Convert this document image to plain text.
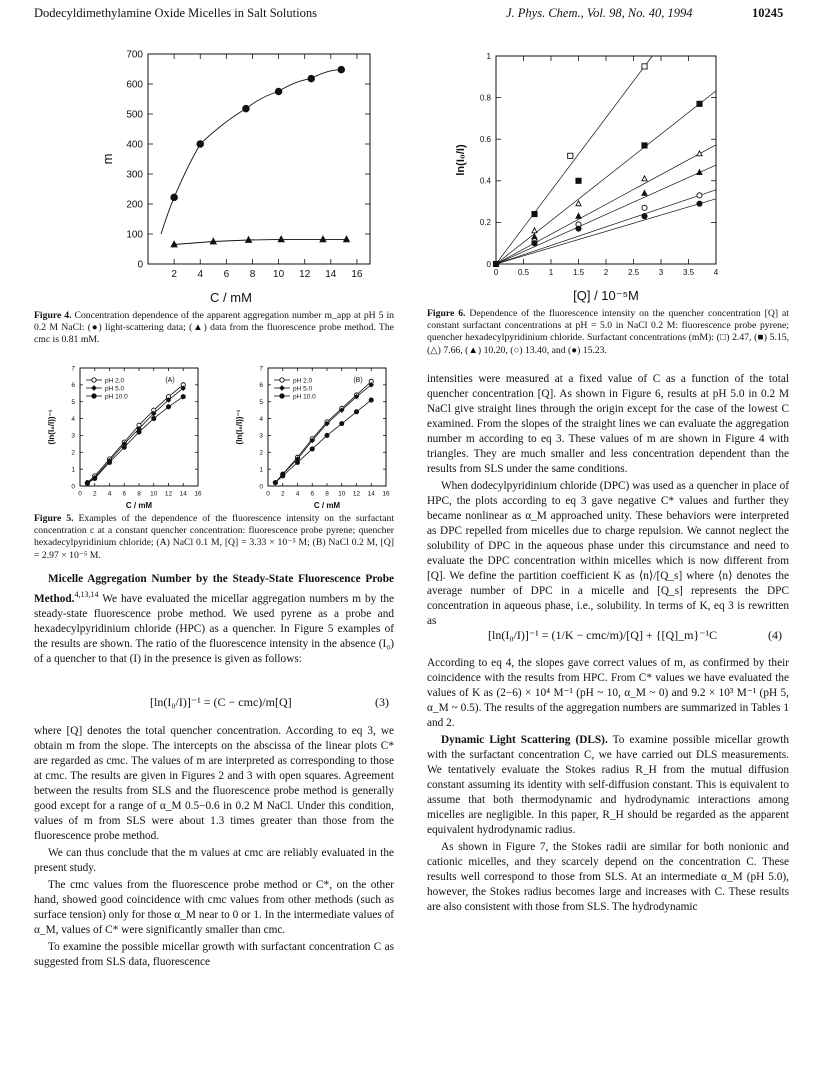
Dodecyldimethylamine Oxide Micelles in Salt Solutions	J. Phys. Chem., Vol. 98, No. 40, 1994	10245
2 4 6 8 10 12 14 16
0
100
200
300
400
500
600
700
m
C / mM
Figure 4. Concentration dependence of the apparent aggregation number m_app at pH 5 in 0.2 M NaCl: (●) light-scattering data; (▲) data from the fluorescence probe method. The cmc is 0.81 mM.
0 2 4 6 8 10 12 14 16
0
1
2
3
4
5
6
7
(ln(I₀/I))⁻¹
C / mM
(A)
pH 2.0
pH 5.0
pH 10.0
0 2 4 6 8 10 12 14 16
0
1
2
3
4
5
6
7
(ln(I₀/I))⁻¹
C / mM
(B)
pH 2.0
pH 5.0
pH 10.0
Figure 5. Examples of the dependence of the fluorescence intensity on the surfactant concentration c at a constant quencher concentration: fluorescence probe pyrene; quencher hexadecylpyridinium chloride; (A) NaCl 0.1 M, [Q] = 3.33 × 10⁻⁵ M; (B) NaCl 0.2 M, [Q] = 2.97 × 10⁻⁵ M.
0 0.5 1 1.5 2 2.5 3 3.5 4
0
0.2
0.4
0.6
0.8
1
ln(I₀/I)
[Q] / 10⁻⁵M
Figure 6. Dependence of the fluorescence intensity on the quencher concentration [Q] at constant surfactant concentrations at pH = 5.0 in NaCl 0.2 M: fluorescence probe pyrene; quencher hexadecylpyridinium chloride. Surfactant concentrations (mM): (□) 2.47, (■) 5.15, (△) 7.66, (▲) 10.20, (○) 13.40, and (●) 15.23.

Micelle Aggregation Number by the Steady-State Fluorescence Probe Method.$^{4,13,14}$ We have evaluated the micellar aggregation numbers m by the steady-state fluorescence probe method. We used pyrene as a probe and hexadecylpyridinium chloride (HPC) as a quencher. In Figure 5 examples of the results are shown. The ratio of the fluorescence intensity in the absence (I₀) of a quencher to that (I) in the presence is given as follows:

[ln(I₀/I)]⁻¹ = (C − cmc)/m[Q]	(3)

where [Q] denotes the total quencher concentration. According to eq 3, we obtain m from the slope. The intercepts on the abscissa of the linear plots C* are regarded as cmc. The values of m are interpreted as corresponding to those at cmc. The results are given in Figures 2 and 3 with open squares. Agreement between the results from SLS and the fluorescence probe method is generally good except for a range of α_M 0.5−0.6 in 0.2 M NaCl. Under this condition, values of m from SLS were about 1.3 times greater than those from the fluorescence probe method.

We can thus conclude that the m values at cmc are reliably evaluated in the present study.

The cmc values from the fluorescence probe method or C*, on the other hand, showed good coincidence with cmc values from other methods (such as surface tension) only for those α_M near to 0 or 1. In the intermediate values of α_M, values of C* were significantly smaller than cmc.

To examine the possible micellar growth with surfactant concentration C as suggested from SLS data, fluorescence

intensities were measured at a fixed value of C as a function of the total quencher concentration [Q]. As shown in Figure 6, results at pH 5.0 in 0.2 M NaCl give straight lines through the origin except for the case of the lowest C examined. From the slopes of the straight lines we can evaluate the aggregation number m according to eq 3. These values of m are shown in Figure 4 with triangles. They are much smaller and less concentration dependent than the results from SLS under the same conditions.

When dodecylpyridinium chloride (DPC) was used as a quencher in place of HPC, the plots according to eq 3 gave negative C* values and further they became nonlinear as α_M approached unity. These behaviors were interpreted as DPC repelled from micelles due to charge repulsion. We cannot neglect the solubility of DPC in the aqueous phase under this circumstance and need to evaluate the DPC concentration within micelles which is now different from [Q]. We define the partition coefficient K as ⟨n⟩/[Q_s] where ⟨n⟩ denotes the average number of DPC in a micelle and [Q_s] represents the DPC concentration in aqueous phase, i.e., solubility. In terms of K, eq 3 is rewritten as

[ln(I₀/I)]⁻¹ = (1/K − cmc/m)/[Q] + {[Q]_m}⁻¹C	(4)

According to eq 4, the slopes gave correct values of m, as confirmed by their coincidence with the results from HPC. From C* values we have evaluated the values of K as (2−6) × 10⁴ M⁻¹ (pH ~ 10, α_M ~ 0) and 9.2 × 10³ M⁻¹ (pH 5, α_M ~ 0.5). The results of the aggregation numbers are summarized in Tables 1 and 2.

Dynamic Light Scattering (DLS). To examine possible micellar growth with the surfactant concentration C, we have carried out DLS measurements. We tentatively evaluate the Stokes radius R_H from the mutual diffusion constant assuming its identity with self-diffusion constant. This is equivalent to assume that both thermodynamic and hydrodynamic interactions among micelles are negligible. In this paper, R_H should be regarded as the apparent equivalent hydrodynamic radius.

As shown in Figure 7, the Stokes radii are similar for both nonionic and cationic micelles, and they scarcely depend on the concentration C. These results well correspond to those from SLS. At an intermediate α_M (pH 5.0), however, the Stokes radius becomes large and increases with C. These results are also consistent with those from SLS. The hydrodynamic
